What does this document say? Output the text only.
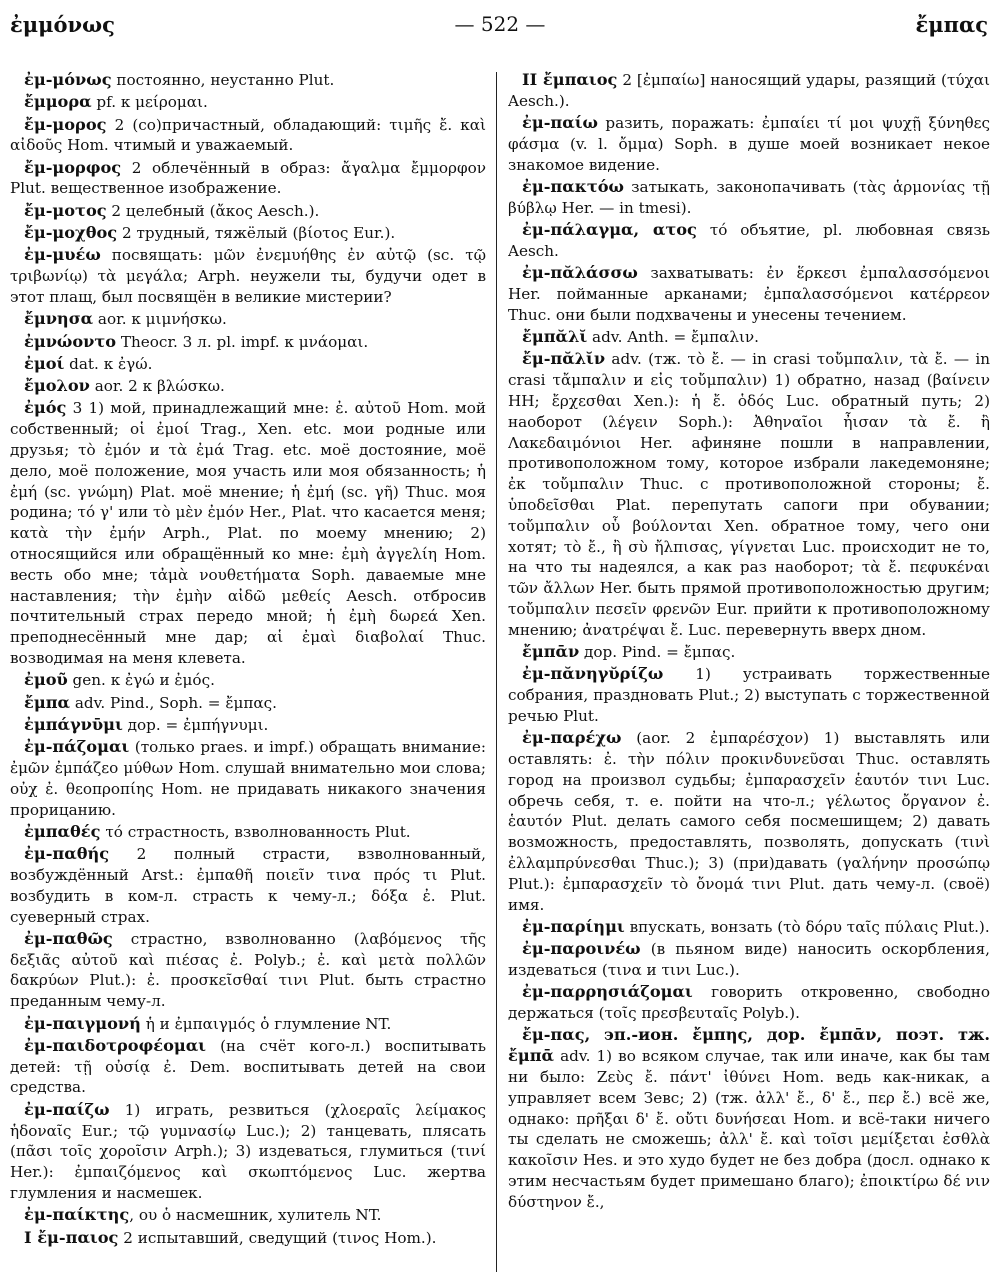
ἐμμόνως	— 522 —	ἔμπας

ἐμ-μόνως постоянно, неустанно Plut.

ἔμμορα pf. к μείρομαι.

ἔμ-μορος 2 (со)причастный, обладающий: τιμῆς ἔ. καὶ αἰδοῦς Hom. чтимый и уважаемый.

ἔμ-μορφος 2 облечённый в образ: ἄγαλμα ἔμμορφον Plut. вещественное изображение.

ἔμ-μοτος 2 целебный (ἄκος Aesch.).

ἔμ-μοχθος 2 трудный, тяжёлый (βίοτος Eur.).

ἐμ-μυέω посвящать: μῶν ἐνεμυήθης ἐν αὐτῷ (sc. τῷ τριβωνίῳ) τὰ μεγάλα; Arph. неужели ты, будучи одет в этот плащ, был посвящён в великие мистерии?

ἔμνησα aor. к μιμνήσκω.

ἐμνώοντο Theocr. 3 л. pl. impf. к μνάομαι.

ἐμοί dat. к ἐγώ.

ἔμολον aor. 2 к βλώσκω.

ἐμός 3 1) мой, принадлежащий мне: ἐ. αὐτοῦ Hom. мой собственный; οἱ ἐμοί Trag., Xen. etc. мои родные или друзья; τὸ ἐμόν и τὰ ἐμά Trag. etc. моё достояние, моё дело, моё положение, моя участь или моя обязанность; ἡ ἐμή (sc. γνώμη) Plat. моё мнение; ἡ ἐμή (sc. γῆ) Thuc. моя родина; τό γ' или τὸ μὲν ἐμόν Her., Plat. что касается меня; κατὰ τὴν ἐμήν Arph., Plat. по моему мнению; 2) относящийся или обращённый ко мне: ἐμὴ ἀγγελίη Hom. весть обо мне; τἀμὰ νουθετήματα Soph. даваемые мне наставления; τὴν ἐμὴν αἰδῶ μεθείς Aesch. отбросив почтительный страх передо мной; ἡ ἐμὴ δωρεά Xen. преподнесённый мне дар; αἱ ἐμαὶ διαβολαί Thuc. возводимая на меня клевета.

ἐμοῦ gen. к ἐγώ и ἐμός.

ἔμπα adv. Pind., Soph. = ἔμπας.

ἐμπάγνῡμι дор. = ἐμπήγνυμι.

ἐμ-πάζομαι (только praes. и impf.) обращать внимание: ἐμῶν ἐμπάζεο μύθων Hom. слушай внимательно мои слова; οὐχ ἐ. θεοπροπίης Hom. не придавать никакого значения прорицанию.

ἐμπαθές τό страстность, взволнованность Plut.

ἐμ-παθής 2 полный страсти, взволнованный, возбуждённый Arst.: ἐμπαθῆ ποιεῖν τινα πρός τι Plut. возбудить в ком-л. страсть к чему-л.; δόξα ἐ. Plut. суеверный страх.

ἐμ-παθῶς страстно, взволнованно (λαβόμενος τῆς δεξιᾶς αὐτοῦ καὶ πιέσας ἐ. Polyb.; ἐ. καὶ μετὰ πολλῶν δακρύων Plut.): ἐ. προσκεῖσθαί τινι Plut. быть страстно преданным чему-л.

ἐμ-παιγμονή ἡ и ἐμπαιγμός ὁ глумление NT.

ἐμ-παιδοτροφέομαι (на счёт кого-л.) воспитывать детей: τῇ οὐσίᾳ ἐ. Dem. воспитывать детей на свои средства.

ἐμ-παίζω 1) играть, резвиться (χλοεραῖς λείμακος ἡδοναῖς Eur.; τῷ γυμνασίῳ Luc.); 2) танцевать, плясать (πᾶσι τοῖς χοροῖσιν Arph.); 3) издеваться, глумиться (τινί Her.): ἐμπαιζόμενος καὶ σκωπτόμενος Luc. жертва глумления и насмешек.

ἐμ-παίκτης, ου ὁ насмешник, хулитель NT.

I ἔμ-παιος 2 испытавший, сведущий (τινος Hom.).

II ἔμπαιος 2 [ἐμπαίω] наносящий удары, разящий (τύχαι Aesch.).

ἐμ-παίω разить, поражать: ἐμπαίει τί μοι ψυχῇ ξύνηθες φάσμα (v. l. ὄμμα) Soph. в душе моей возникает некое знакомое видение.

ἐμ-πακτόω затыкать, законопачивать (τὰς ἁρμονίας τῇ βύβλῳ Her. — in tmesi).

ἐμ-πάλαγμα, ατος τό объятие, pl. любовная связь Aesch.

ἐμ-πᾰλάσσω захватывать: ἐν ἕρκεσι ἐμπαλασσόμενοι Her. пойманные арканами; ἐμπαλασσόμενοι κατέρρεον Thuc. они были подхвачены и унесены течением.

ἔμπᾰλῐ adv. Anth. = ἔμπαλιν.

ἔμ-πᾰλῐν adv. (тж. τὸ ἔ. — in crasi τοὔμπαλιν, τὰ ἔ. — in crasi τἄμπαλιν и εἰς τοὔμπαλιν) 1) обратно, назад (βαίνειν HH; ἔρχεσθαι Xen.): ἡ ἔ. ὁδός Luc. обратный путь; 2) наоборот (λέγειν Soph.): Ἀθηναῖοι ἦισαν τὰ ἔ. ἢ Λακεδαιμόνιοι Her. афиняне пошли в направлении, противоположном тому, которое избрали лакедемоняне; ἐκ τοὔμπαλιν Thuc. с противоположной стороны; ἔ. ὑποδεῖσθαι Plat. перепутать сапоги при обувании; τοὔμπαλιν οὗ βούλονται Xen. обратное тому, чего они хотят; τὸ ἔ., ἢ σὺ ἤλπισας, γίγνεται Luc. происходит не то, на что ты надеялся, а как раз наоборот; τὰ ἔ. πεφυκέναι τῶν ἄλλων Her. быть прямой противоположностью другим; τοὔμπαλιν πεσεῖν φρενῶν Eur. прийти к противоположному мнению; ἀνατρέψαι ἔ. Luc. перевернуть вверх дном.

ἔμπᾱν дор. Pind. = ἔμπας.

ἐμ-πᾰνηγῠρίζω 1) устраивать торжественные собрания, праздновать Plut.; 2) выступать с торжественной речью Plut.

ἐμ-παρέχω (aor. 2 ἐμπαρέσχον) 1) выставлять или оставлять: ἐ. τὴν πόλιν προκινδυνεῦσαι Thuc. оставлять город на произвол судьбы; ἐμπαρασχεῖν ἑαυτόν τινι Luc. обречь себя, т. е. пойти на что-л.; γέλωτος ὄργανον ἐ. ἑαυτόν Plut. делать самого себя посмешищем; 2) давать возможность, предоставлять, позволять, допускать (τινὶ ἐλλαμπρύνεσθαι Thuc.); 3) (при)давать (γαλήνην προσώπῳ Plut.): ἐμπαρασχεῖν τὸ ὄνομά τινι Plut. дать чему-л. (своё) имя.

ἐμ-παρίημι впускать, вонзать (τὸ δόρυ ταῖς πύλαις Plut.).

ἐμ-παροινέω (в пьяном виде) наносить оскорбления, издеваться (τινα и τινι Luc.).

ἐμ-παρρησιάζομαι говорить откровенно, свободно держаться (τοῖς πρεσβευταῖς Polyb.).

ἔμ-πας, эп.-ион. ἔμπης, дор. ἔμπᾱν, поэт. тж. ἔμπᾱ adv. 1) во всяком случае, так или иначе, как бы там ни было: Ζεὺς ἔ. πάντ' ἰθύνει Hom. ведь как-никак, а управляет всем Зевс; 2) (тж. ἀλλ' ἔ., δ' ἔ., περ ἔ.) всё же, однако: πρῆξαι δ' ἔ. οὔτι δυνήσεαι Hom. и всё-таки ничего ты сделать не сможешь; ἀλλ' ἔ. καὶ τοῖσι μεμίξεται ἐσθλὰ κακοῖσιν Hes. и это худо будет не без добра (досл. однако к этим несчастьям будет примешано благо); ἐποικτίρω δέ νιν δύστηνον ἔ.,
